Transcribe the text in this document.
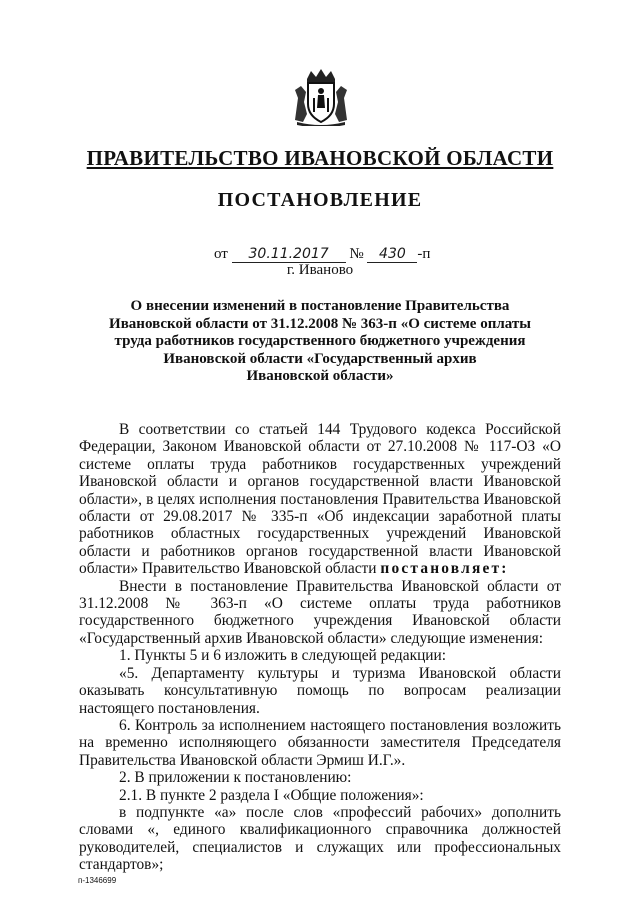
ПРАВИТЕЛЬСТВО ИВАНОВСКОЙ ОБЛАСТИ
ПОСТАНОВЛЕНИЕ
от 30.11.2017 № 430 -п
г. Иваново
О внесении изменений в постановление Правительства
Ивановской области от 31.12.2008 № 363-п «О системе оплаты
труда работников государственного бюджетного учреждения
Ивановской области «Государственный архив
Ивановской области»

В соответствии со статьей 144 Трудового кодекса Российской Федерации, Законом Ивановской области от 27.10.2008 № 117-ОЗ «О системе оплаты труда работников государственных учреждений Ивановской области и органов государственной власти Ивановской области», в целях исполнения постановления Правительства Ивановской области от 29.08.2017 № 335-п «Об индексации заработной платы работников областных государственных учреждений Ивановской области и работников органов государственной власти Ивановской области» Правительство Ивановской области постановляет:

Внести в постановление Правительства Ивановской области от 31.12.2008 № 363-п «О системе оплаты труда работников государственного бюджетного учреждения Ивановской области «Государственный архив Ивановской области» следующие изменения:

1. Пункты 5 и 6 изложить в следующей редакции:

«5. Департаменту культуры и туризма Ивановской области оказывать консультативную помощь по вопросам реализации настоящего постановления.

6. Контроль за исполнением настоящего постановления возложить на временно исполняющего обязанности заместителя Председателя Правительства Ивановской области Эрмиш И.Г.».

2. В приложении к постановлению:

2.1. В пункте 2 раздела I «Общие положения»:

в подпункте «а» после слов «профессий рабочих» дополнить словами «, единого квалификационного справочника должностей руководителей, специалистов и служащих или профессиональных стандартов»;

п-1346699
